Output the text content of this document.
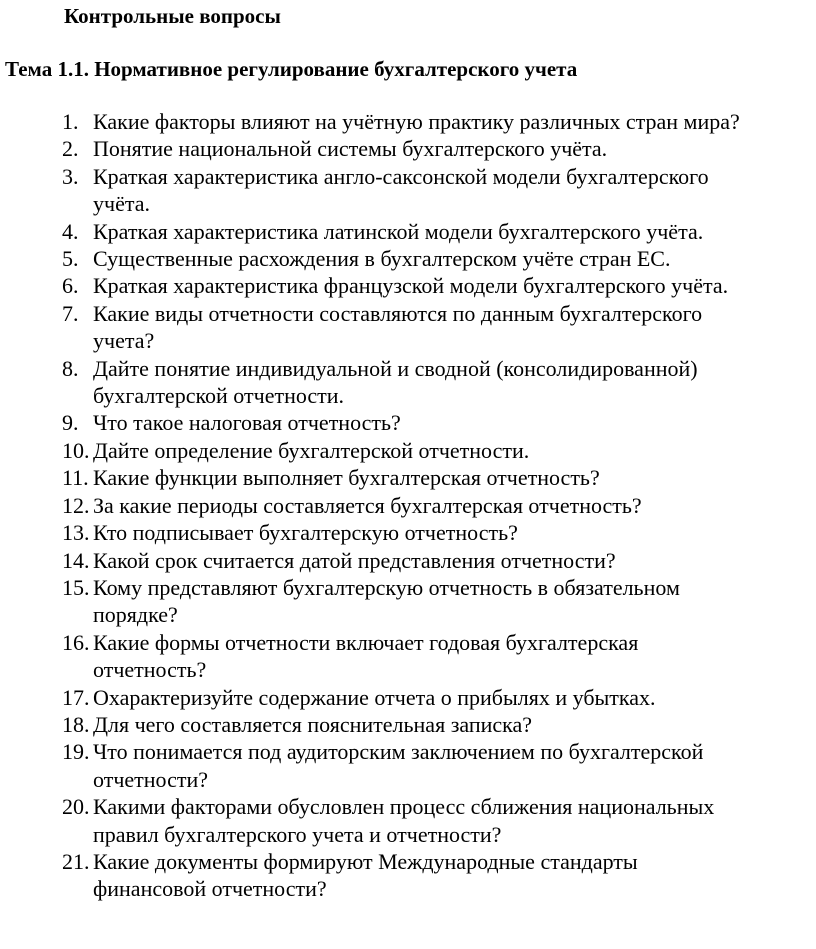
Контрольные вопросы
Тема 1.1. Нормативное регулирование бухгалтерского учета
1. Какие факторы влияют на учётную практику различных стран мира?
2. Понятие национальной системы бухгалтерского учёта.
3. Краткая характеристика англо-саксонской модели бухгалтерского
учёта.
4. Краткая характеристика латинской модели бухгалтерского учёта.
5. Существенные расхождения в бухгалтерском учёте стран ЕС.
6. Краткая характеристика французской модели бухгалтерского учёта.
7. Какие виды отчетности составляются по данным бухгалтерского
учета?
8. Дайте понятие индивидуальной и сводной (консолидированной)
бухгалтерской отчетности.
9. Что такое налоговая отчетность?
10. Дайте определение бухгалтерской отчетности.
11. Какие функции выполняет бухгалтерская отчетность?
12. За какие периоды составляется бухгалтерская отчетность?
13. Кто подписывает бухгалтерскую отчетность?
14. Какой срок считается датой представления отчетности?
15. Кому представляют бухгалтерскую отчетность в обязательном
порядке?
16. Какие формы отчетности включает годовая бухгалтерская
отчетность?
17. Охарактеризуйте содержание отчета о прибылях и убытках.
18. Для чего составляется пояснительная записка?
19. Что понимается под аудиторским заключением по бухгалтерской
отчетности?
20. Какими факторами обусловлен процесс сближения национальных
правил бухгалтерского учета и отчетности?
21. Какие документы формируют Международные стандарты
финансовой отчетности?
